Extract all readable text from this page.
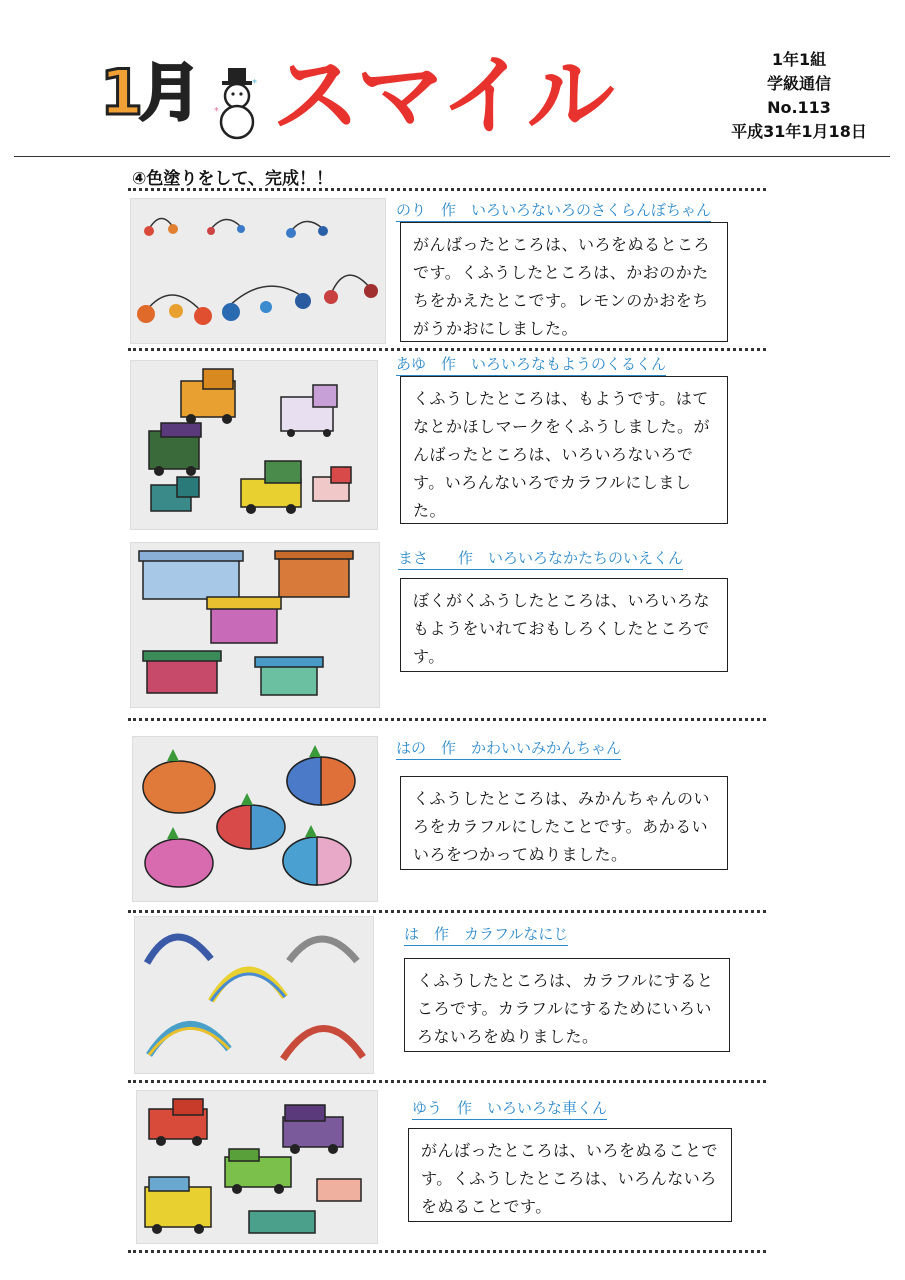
1月 *
* スマイル	1年1組
学級通信
No.113
平成31年1月18日
④色塗りをして、完成！！
のり　作　いろいろないろのさくらんぼちゃん
がんばったところは、いろをぬるところです。くふうしたところは、かおのかたちをかえたとこです。レモンのかおをちがうかおにしました。
あゆ　作　いろいろなもようのくるくん
くふうしたところは、もようです。はてなとかほしマークをくふうしました。がんばったところは、いろいろないろです。いろんないろでカラフルにしました。
まさ　　作　いろいろなかたちのいえくん
ぼくがくふうしたところは、いろいろなもようをいれておもしろくしたところです。
はの　作　かわいいみかんちゃん
くふうしたところは、みかんちゃんのいろをカラフルにしたことです。あかるいいろをつかってぬりました。
は　作　カラフルなにじ
くふうしたところは、カラフルにするところです。カラフルにするためにいろいろないろをぬりました。
ゆう　作　いろいろな車くん
がんばったところは、いろをぬることです。くふうしたところは、いろんないろをぬることです。
